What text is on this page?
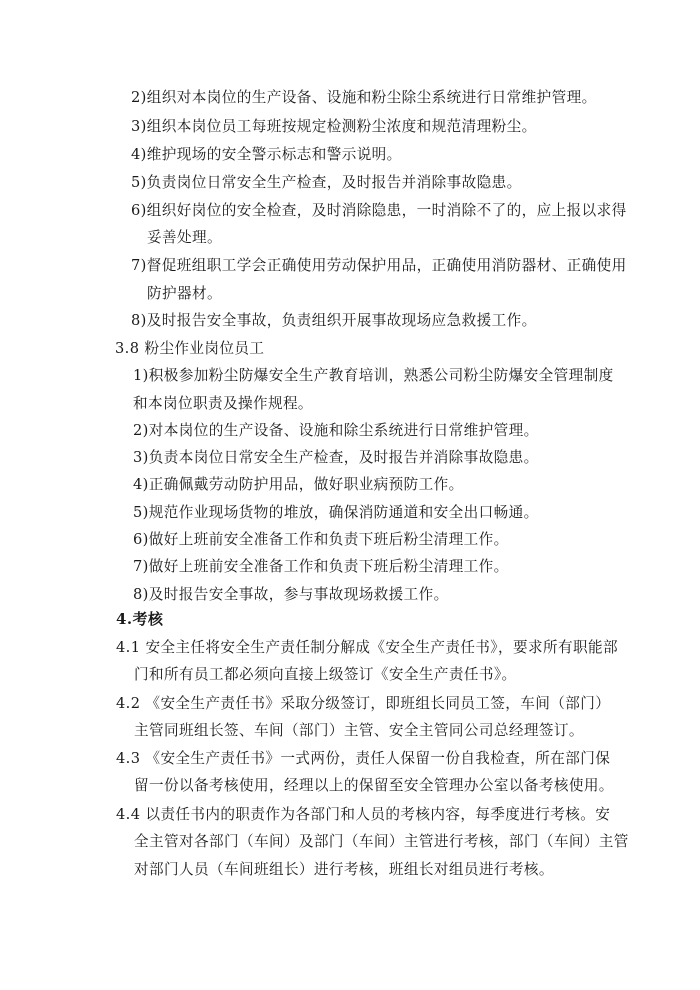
2)组织对本岗位的生产设备、设施和粉尘除尘系统进行日常维护管理。
3)组织本岗位员工每班按规定检测粉尘浓度和规范清理粉尘。
4)维护现场的安全警示标志和警示说明。
5)负责岗位日常安全生产检查，及时报告并消除事故隐患。
6)组织好岗位的安全检查，及时消除隐患，一时消除不了的，应上报以求得
妥善处理。
7)督促班组职工学会正确使用劳动保护用品，正确使用消防器材、正确使用
防护器材。
8)及时报告安全事故，负责组织开展事故现场应急救援工作。
3.8 粉尘作业岗位员工
1)积极参加粉尘防爆安全生产教育培训，熟悉公司粉尘防爆安全管理制度
和本岗位职责及操作规程。
2)对本岗位的生产设备、设施和除尘系统进行日常维护管理。
3)负责本岗位日常安全生产检查，及时报告并消除事故隐患。
4)正确佩戴劳动防护用品，做好职业病预防工作。
5)规范作业现场货物的堆放，确保消防通道和安全出口畅通。
6)做好上班前安全准备工作和负责下班后粉尘清理工作。
7)做好上班前安全准备工作和负责下班后粉尘清理工作。
8)及时报告安全事故，参与事故现场救援工作。
4.考核
4.1 安全主任将安全生产责任制分解成《安全生产责任书》，要求所有职能部
门和所有员工都必须向直接上级签订《安全生产责任书》。
4.2 《安全生产责任书》采取分级签订，即班组长同员工签，车间（部门）
主管同班组长签、车间（部门）主管、安全主管同公司总经理签订。
4.3 《安全生产责任书》一式两份，责任人保留一份自我检查，所在部门保
留一份以备考核使用，经理以上的保留至安全管理办公室以备考核使用。
4.4 以责任书内的职责作为各部门和人员的考核内容，每季度进行考核。安
全主管对各部门（车间）及部门（车间）主管进行考核，部门（车间）主管
对部门人员（车间班组长）进行考核，班组长对组员进行考核。
